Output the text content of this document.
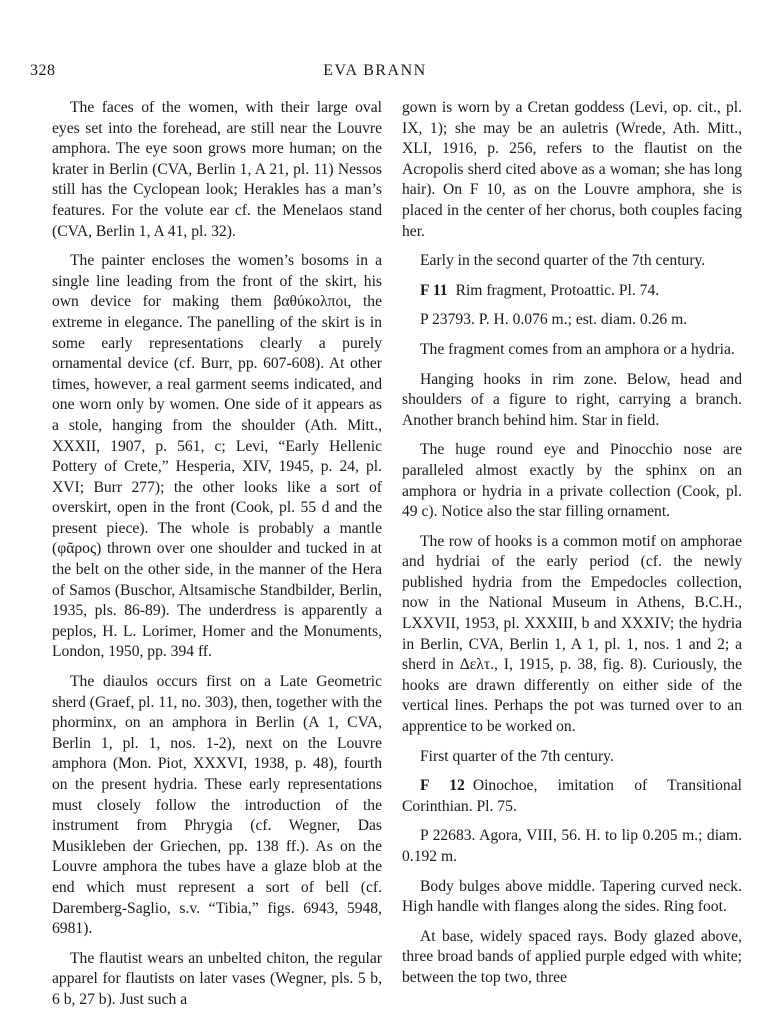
328	EVA BRANN

The faces of the women, with their large oval eyes set into the forehead, are still near the Louvre amphora. The eye soon grows more human; on the krater in Berlin (CVA, Berlin 1, A 21, pl. 11) Nessos still has the Cyclopean look; Herakles has a man’s features. For the volute ear cf. the Menelaos stand (CVA, Berlin 1, A 41, pl. 32).

The painter encloses the women’s bosoms in a single line leading from the front of the skirt, his own device for making them βαθύκολποι, the extreme in elegance. The panelling of the skirt is in some early representations clearly a purely ornamental device (cf. Burr, pp. 607-608). At other times, however, a real garment seems indicated, and one worn only by women. One side of it appears as a stole, hanging from the shoulder (Ath. Mitt., XXXII, 1907, p. 561, c; Levi, “Early Hellenic Pottery of Crete,” Hesperia, XIV, 1945, p. 24, pl. XVI; Burr 277); the other looks like a sort of overskirt, open in the front (Cook, pl. 55 d and the present piece). The whole is probably a mantle (φᾶρος) thrown over one shoulder and tucked in at the belt on the other side, in the manner of the Hera of Samos (Buschor, Altsamische Standbilder, Berlin, 1935, pls. 86-89). The underdress is apparently a peplos, H. L. Lorimer, Homer and the Monuments, London, 1950, pp. 394 ff.

The diaulos occurs first on a Late Geometric sherd (Graef, pl. 11, no. 303), then, together with the phorminx, on an amphora in Berlin (A 1, CVA, Berlin 1, pl. 1, nos. 1-2), next on the Louvre amphora (Mon. Piot, XXXVI, 1938, p. 48), fourth on the present hydria. These early representations must closely follow the introduction of the instrument from Phrygia (cf. Wegner, Das Musikleben der Griechen, pp. 138 ff.). As on the Louvre amphora the tubes have a glaze blob at the end which must represent a sort of bell (cf. Daremberg-Saglio, s.v. “Tibia,” figs. 6943, 5948, 6981).

The flautist wears an unbelted chiton, the regular apparel for flautists on later vases (Wegner, pls. 5 b, 6 b, 27 b). Just such a

gown is worn by a Cretan goddess (Levi, op. cit., pl. IX, 1); she may be an auletris (Wrede, Ath. Mitt., XLI, 1916, p. 256, refers to the flautist on the Acropolis sherd cited above as a woman; she has long hair). On F 10, as on the Louvre amphora, she is placed in the center of her chorus, both couples facing her.

Early in the second quarter of the 7th century.

F 11 Rim fragment, Protoattic. Pl. 74.

P 23793. P. H. 0.076 m.; est. diam. 0.26 m.

The fragment comes from an amphora or a hydria.

Hanging hooks in rim zone. Below, head and shoulders of a figure to right, carrying a branch. Another branch behind him. Star in field.

The huge round eye and Pinocchio nose are paralleled almost exactly by the sphinx on an amphora or hydria in a private collection (Cook, pl. 49 c). Notice also the star filling ornament.

The row of hooks is a common motif on amphorae and hydriai of the early period (cf. the newly published hydria from the Empedocles collection, now in the National Museum in Athens, B.C.H., LXXVII, 1953, pl. XXXIII, b and XXXIV; the hydria in Berlin, CVA, Berlin 1, A 1, pl. 1, nos. 1 and 2; a sherd in Δελτ., I, 1915, p. 38, fig. 8). Curiously, the hooks are drawn differently on either side of the vertical lines. Perhaps the pot was turned over to an apprentice to be worked on.

First quarter of the 7th century.

F 12 Oinochoe, imitation of Transitional Corinthian. Pl. 75.

P 22683. Agora, VIII, 56. H. to lip 0.205 m.; diam. 0.192 m.

Body bulges above middle. Tapering curved neck. High handle with flanges along the sides. Ring foot.

At base, widely spaced rays. Body glazed above, three broad bands of applied purple edged with white; between the top two, three
